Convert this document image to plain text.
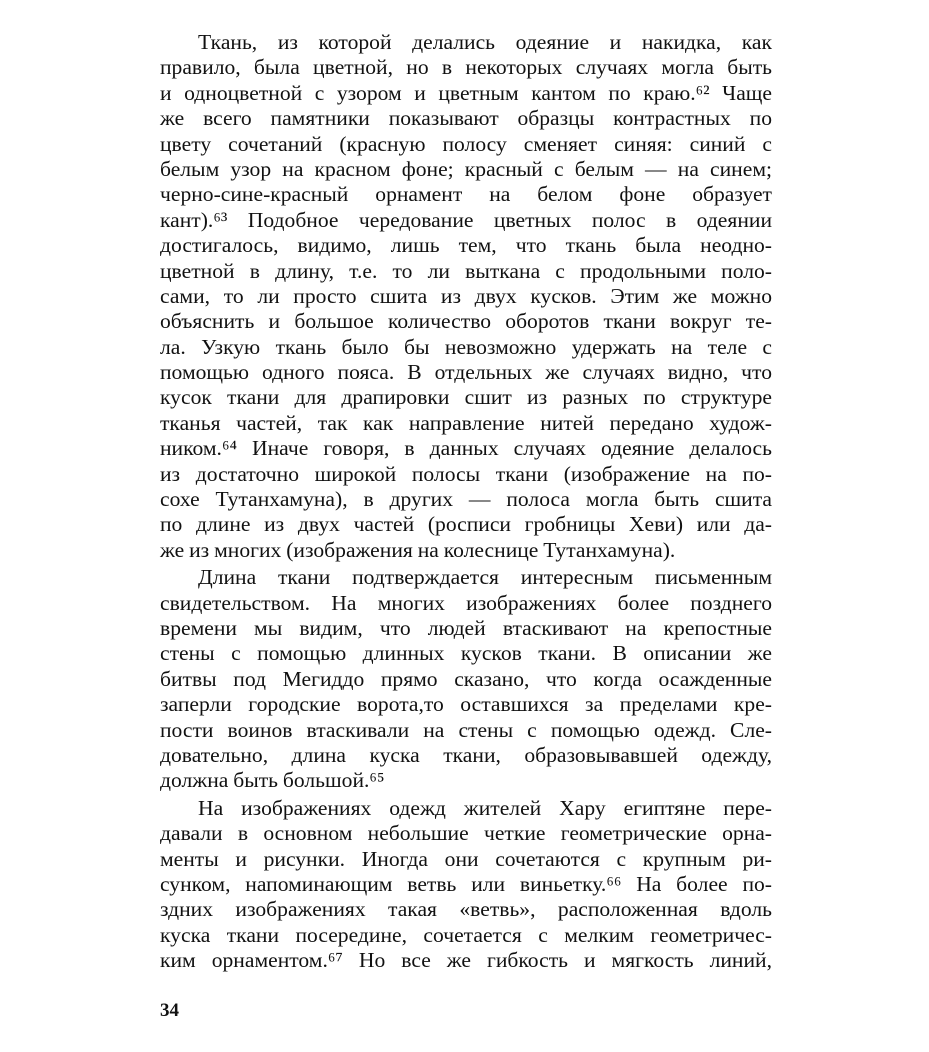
Ткань, из которой делались одеяние и накидка, как
правило, была цветной, но в некоторых случаях могла быть
и одноцветной с узором и цветным кантом по краю.⁶² Чаще
же всего памятники показывают образцы контрастных по
цвету сочетаний (красную полосу сменяет синяя: синий с
белым узор на красном фоне; красный с белым — на синем;
черно-сине-красный орнамент на белом фоне образует
кант).⁶³ Подобное чередование цветных полос в одеянии
достигалось, видимо, лишь тем, что ткань была неодно-
цветной в длину, т.е. то ли выткана с продольными поло-
сами, то ли просто сшита из двух кусков. Этим же можно
объяснить и большое количество оборотов ткани вокруг те-
ла. Узкую ткань было бы невозможно удержать на теле с
помощью одного пояса. В отдельных же случаях видно, что
кусок ткани для драпировки сшит из разных по структуре
тканья частей, так как направление нитей передано худож-
ником.⁶⁴ Иначе говоря, в данных случаях одеяние делалось
из достаточно широкой полосы ткани (изображение на по-
сохе Тутанхамуна), в других — полоса могла быть сшита
по длине из двух частей (росписи гробницы Хеви) или да-
же из многих (изображения на колеснице Тутанхамуна).
Длина ткани подтверждается интересным письменным
свидетельством. На многих изображениях более позднего
времени мы видим, что людей втаскивают на крепостные
стены с помощью длинных кусков ткани. В описании же
битвы под Мегиддо прямо сказано, что когда осажденные
заперли городские ворота,то оставшихся за пределами кре-
пости воинов втаскивали на стены с помощью одежд. Сле-
довательно, длина куска ткани, образовывавшей одежду,
должна быть большой.⁶⁵
На изображениях одежд жителей Хару египтяне пере-
давали в основном небольшие четкие геометрические орна-
менты и рисунки. Иногда они сочетаются с крупным ри-
сунком, напоминающим ветвь или виньетку.⁶⁶ На более по-
здних изображениях такая «ветвь», расположенная вдоль
куска ткани посередине, сочетается с мелким геометричес-
ким орнаментом.⁶⁷ Но все же гибкость и мягкость линий,
34
